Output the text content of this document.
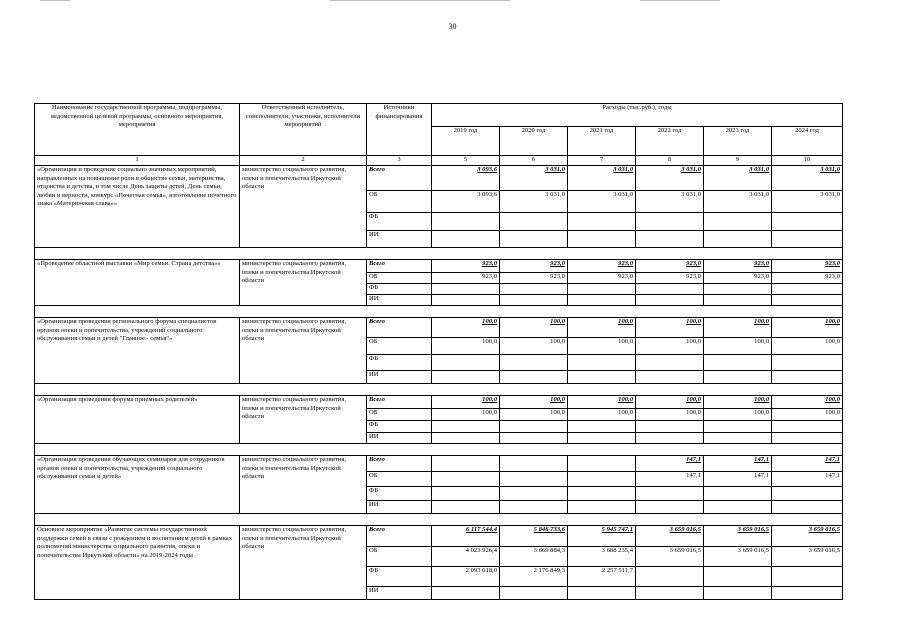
30
Наименование государственной программы, подпрограммы, ведомственной целевой программы, основного мероприятия, мероприятия	Ответственный исполнитель, соисполнители, участники, исполнители мероприятий	Источники финансирования	Расходы (тыс.руб.), годы					
			2019 год	2020 год	2021 год	2022 год	2023 год	2024 год
1	2	3	5	6	7	8	9	10
«Организация и проведение социально значимых мероприятий, направленных на повышение роли в обществе семьи, материнства, отцовства и детства, в том числе День защиты детей, День семьи, любви и верности, конкурс «Почетная семья», изготовление почетного знака «Материнская слава»»	министерство социального развития, опеки и попечительства Иркутской области	Всего	3 093,6	3 031,0	3 031,0	3 031,0	3 031,0	3 031,0
		ОБ	3 093,6	3 031,0	3 031,0	3 031,0	3 031,0	3 031,0
		ФБ						
		ИИ						

«Проведение областной выставки «Мир семьи. Страна детства»»	министерство социального развития, опеки и попечительства Иркутской области	Всего	923,0	923,0	923,0	923,0	923,0	923,0
		ОБ	923,0	923,0	923,0	923,0	923,0	923,0
		ФБ						
		ИИ						

«Организация проведения регионального форума специалистов органов опеки и попечительства, учреждений социального обслуживания семьи и детей "Главное - семья"»	министерство социального развития, опеки и попечительства Иркутской области	Всего	100,0	100,0	100,0	100,0	100,0	100,0
		ОБ	100,0	100,0	100,0	100,0	100,0	100,0
		ФБ						
		ИИ						

«Организация проведения форума приемных родителей»	министерство социального развития, опеки и попечительства Иркутской области	Всего	100,0	100,0	100,0	100,0	100,0	100,0
		ОБ	100,0	100,0	100,0	100,0	100,0	100,0
		ФБ						
		ИИ						

«Организация проведения обучающих семинаров для сотрудников органов опеки и попечительства, учреждений социального обслуживания семьи и детей»	министерство социального развития, опеки и попечительства Иркутской области	Всего				147,1	147,1	147,1
		ОБ				147,1	147,1	147,1
		ФБ						
		ИИ						

Основное мероприятие «Развитие системы государственной поддержки семей в связи с рождением и воспитанием детей в рамках полномочий министерства социального развития, опеки и попечительства Иркутской области» на 2019-2024 годы	министерство социального развития, опеки и попечительства Иркутской области	Всего	6 117 544,4	5 846 733,6	5 945 747,1	3 659 016,5	3 659 016,5	3 659 016,5
		ОБ	4 023 926,4	3 669 884,3	3 688 235,4	3 659 016,5	3 659 016,5	3 659 016,5
		ФБ	2 093 618,0	2 176 849,3	2 257 511,7			
		ИИ						
